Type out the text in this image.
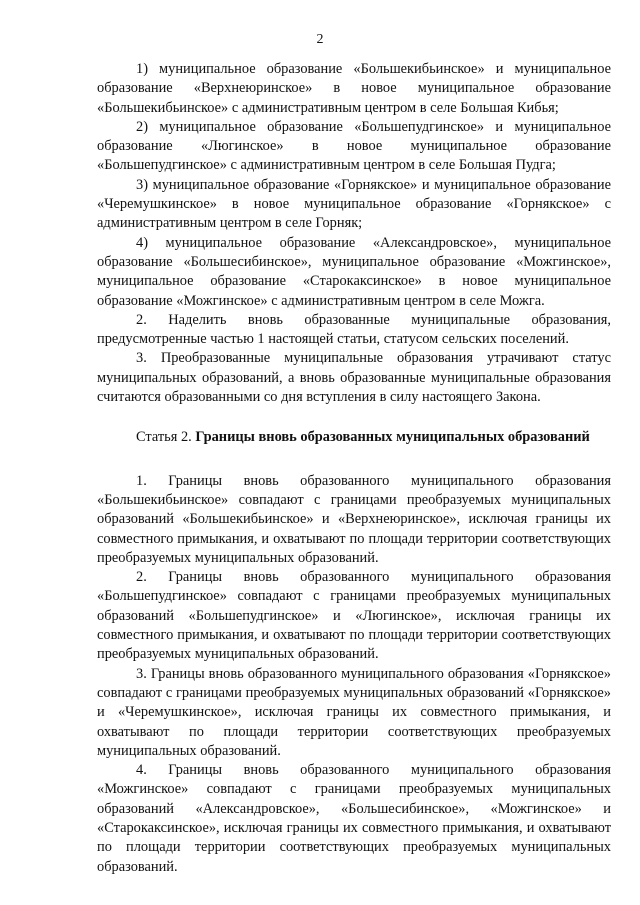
2

1) муниципальное образование «Большекибьинское» и муниципальное образование «Верхнеюринское» в новое муниципальное образование «Большекибьинское» с административным центром в селе Большая Кибья;

2) муниципальное образование «Большепудгинское» и муниципальное образование «Люгинское» в новое муниципальное образование «Большепудгинское» с административным центром в селе Большая Пудга;

3) муниципальное образование «Горнякское» и муниципальное образование «Черемушкинское» в новое муниципальное образование «Горнякское» с административным центром в селе Горняк;

4) муниципальное образование «Александровское», муниципальное образование «Большесибинское», муниципальное образование «Можгинское», муниципальное образование «Старокаксинское» в новое муниципальное образование «Можгинское» с административным центром в селе Можга.

2. Наделить вновь образованные муниципальные образования, предусмотренные частью 1 настоящей статьи, статусом сельских поселений.

3. Преобразованные муниципальные образования утрачивают статус муниципальных образований, а вновь образованные муниципальные образования считаются образованными со дня вступления в силу настоящего Закона.

Статья 2. Границы вновь образованных муниципальных образований

1. Границы вновь образованного муниципального образования «Большекибьинское» совпадают с границами преобразуемых муниципальных образований «Большекибьинское» и «Верхнеюринское», исключая границы их совместного примыкания, и охватывают по площади территории соответствующих преобразуемых муниципальных образований.

2. Границы вновь образованного муниципального образования «Большепудгинское» совпадают с границами преобразуемых муниципальных образований «Большепудгинское» и «Люгинское», исключая границы их совместного примыкания, и охватывают по площади территории соответствующих преобразуемых муниципальных образований.

3. Границы вновь образованного муниципального образования «Горнякское» совпадают с границами преобразуемых муниципальных образований «Горнякское» и «Черемушкинское», исключая границы их совместного примыкания, и охватывают по площади территории соответствующих преобразуемых муниципальных образований.

4. Границы вновь образованного муниципального образования «Можгинское» совпадают с границами преобразуемых муниципальных образований «Александровское», «Большесибинское», «Можгинское» и «Старокаксинское», исключая границы их совместного примыкания, и охватывают по площади территории соответствующих преобразуемых муниципальных образований.
